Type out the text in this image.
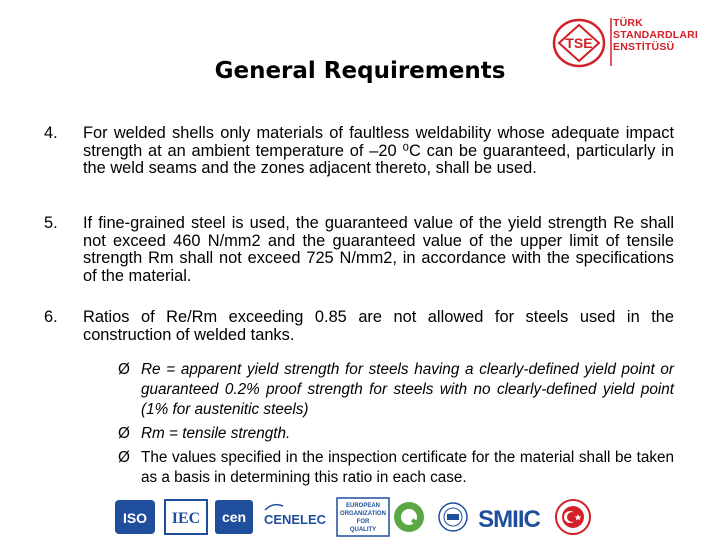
TSE
TÜRK
STANDARDLARI
ENSTİTÜSÜ
General Requirements
4. For welded shells only materials of faultless weldability whose adequate impact strength at an ambient temperature of –20 ⁰C can be guaranteed, particularly in the weld seams and the zones adjacent thereto, shall be used.
5. If fine-grained steel is used, the guaranteed value of the yield strength Re shall not exceed 460 N/mm2 and the guaranteed value of the upper limit of tensile strength Rm shall not exceed 725 N/mm2, in accordance with the specifications of the material.
6. Ratios of Re/Rm exceeding 0.85 are not allowed for steels used in the construction of welded tanks.
Ø Re = apparent yield strength for steels having a clearly-defined yield point or guaranteed 0.2% proof strength for steels with no clearly-defined yield point (1% for austenitic steels)
Ø Rm = tensile strength.
Ø The values specified in the inspection certificate for the material shall be taken as a basis in determining this ratio in each case.
ISO IEC cen CENELEC
EUROPEAN
ORGANIZATION
FOR
QUALITY	SMIIC
